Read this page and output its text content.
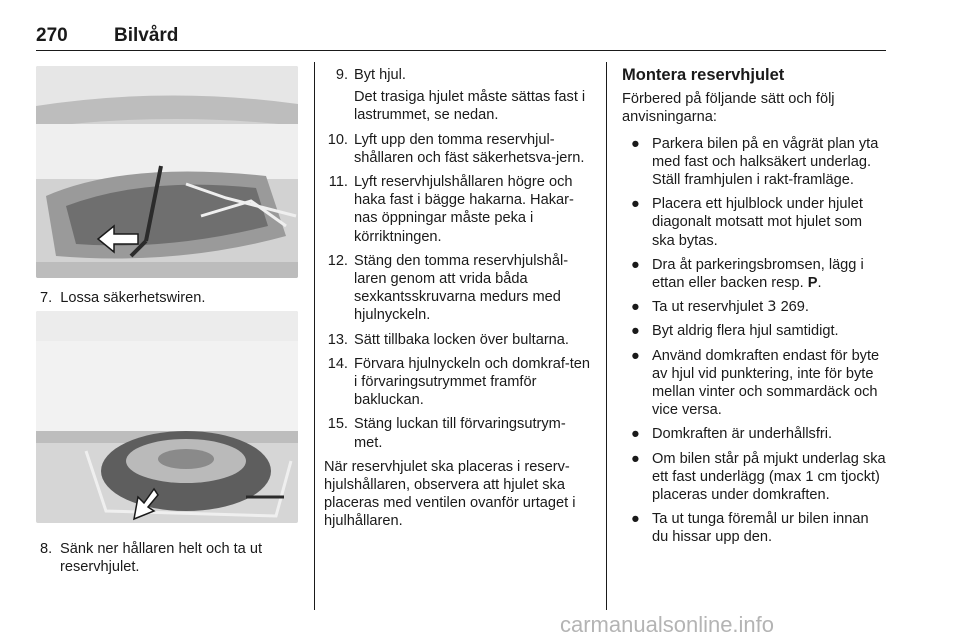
270 Bilvård
7. Lossa säkerhetswiren.
8. Sänk ner hållaren helt och ta ut reservhjulet.
9. Byt hjul.
Det trasiga hjulet måste sättas fast i lastrummet, se nedan.
10. Lyft upp den tomma reservhjul-shållaren och fäst säkerhetsva-jern.
11. Lyft reservhjulshållaren högre och haka fast i bägge hakarna. Hakar-nas öppningar måste peka i körriktningen.
12. Stäng den tomma reservhjulshål-laren genom att vrida båda sexkantsskruvarna medurs med hjulnyckeln.
13. Sätt tillbaka locken över bultarna.
14. Förvara hjulnyckeln och domkraf-ten i förvaringsutrymmet framför bakluckan.
15. Stäng luckan till förvaringsutrym-met.

När reservhjulet ska placeras i reserv-hjulshållaren, observera att hjulet ska placeras med ventilen ovanför urtaget i hjulhållaren.

Montera reservhjulet

Förbered på följande sätt och följ anvisningarna:

● Parkera bilen på en vågrät plan yta med fast och halksäkert underlag. Ställ framhjulen i rakt-framläge.
● Placera ett hjulblock under hjulet diagonalt motsatt mot hjulet som ska bytas.
● Dra åt parkeringsbromsen, lägg i ettan eller backen resp. P.
● Ta ut reservhjulet 3 269.
● Byt aldrig flera hjul samtidigt.
● Använd domkraften endast för byte av hjul vid punktering, inte för byte mellan vinter och sommardäck och vice versa.
● Domkraften är underhållsfri.
● Om bilen står på mjukt underlag ska ett fast underlägg (max 1 cm tjockt) placeras under domkraften.
● Ta ut tunga föremål ur bilen innan du hissar upp den.
carmanualsonline.info
